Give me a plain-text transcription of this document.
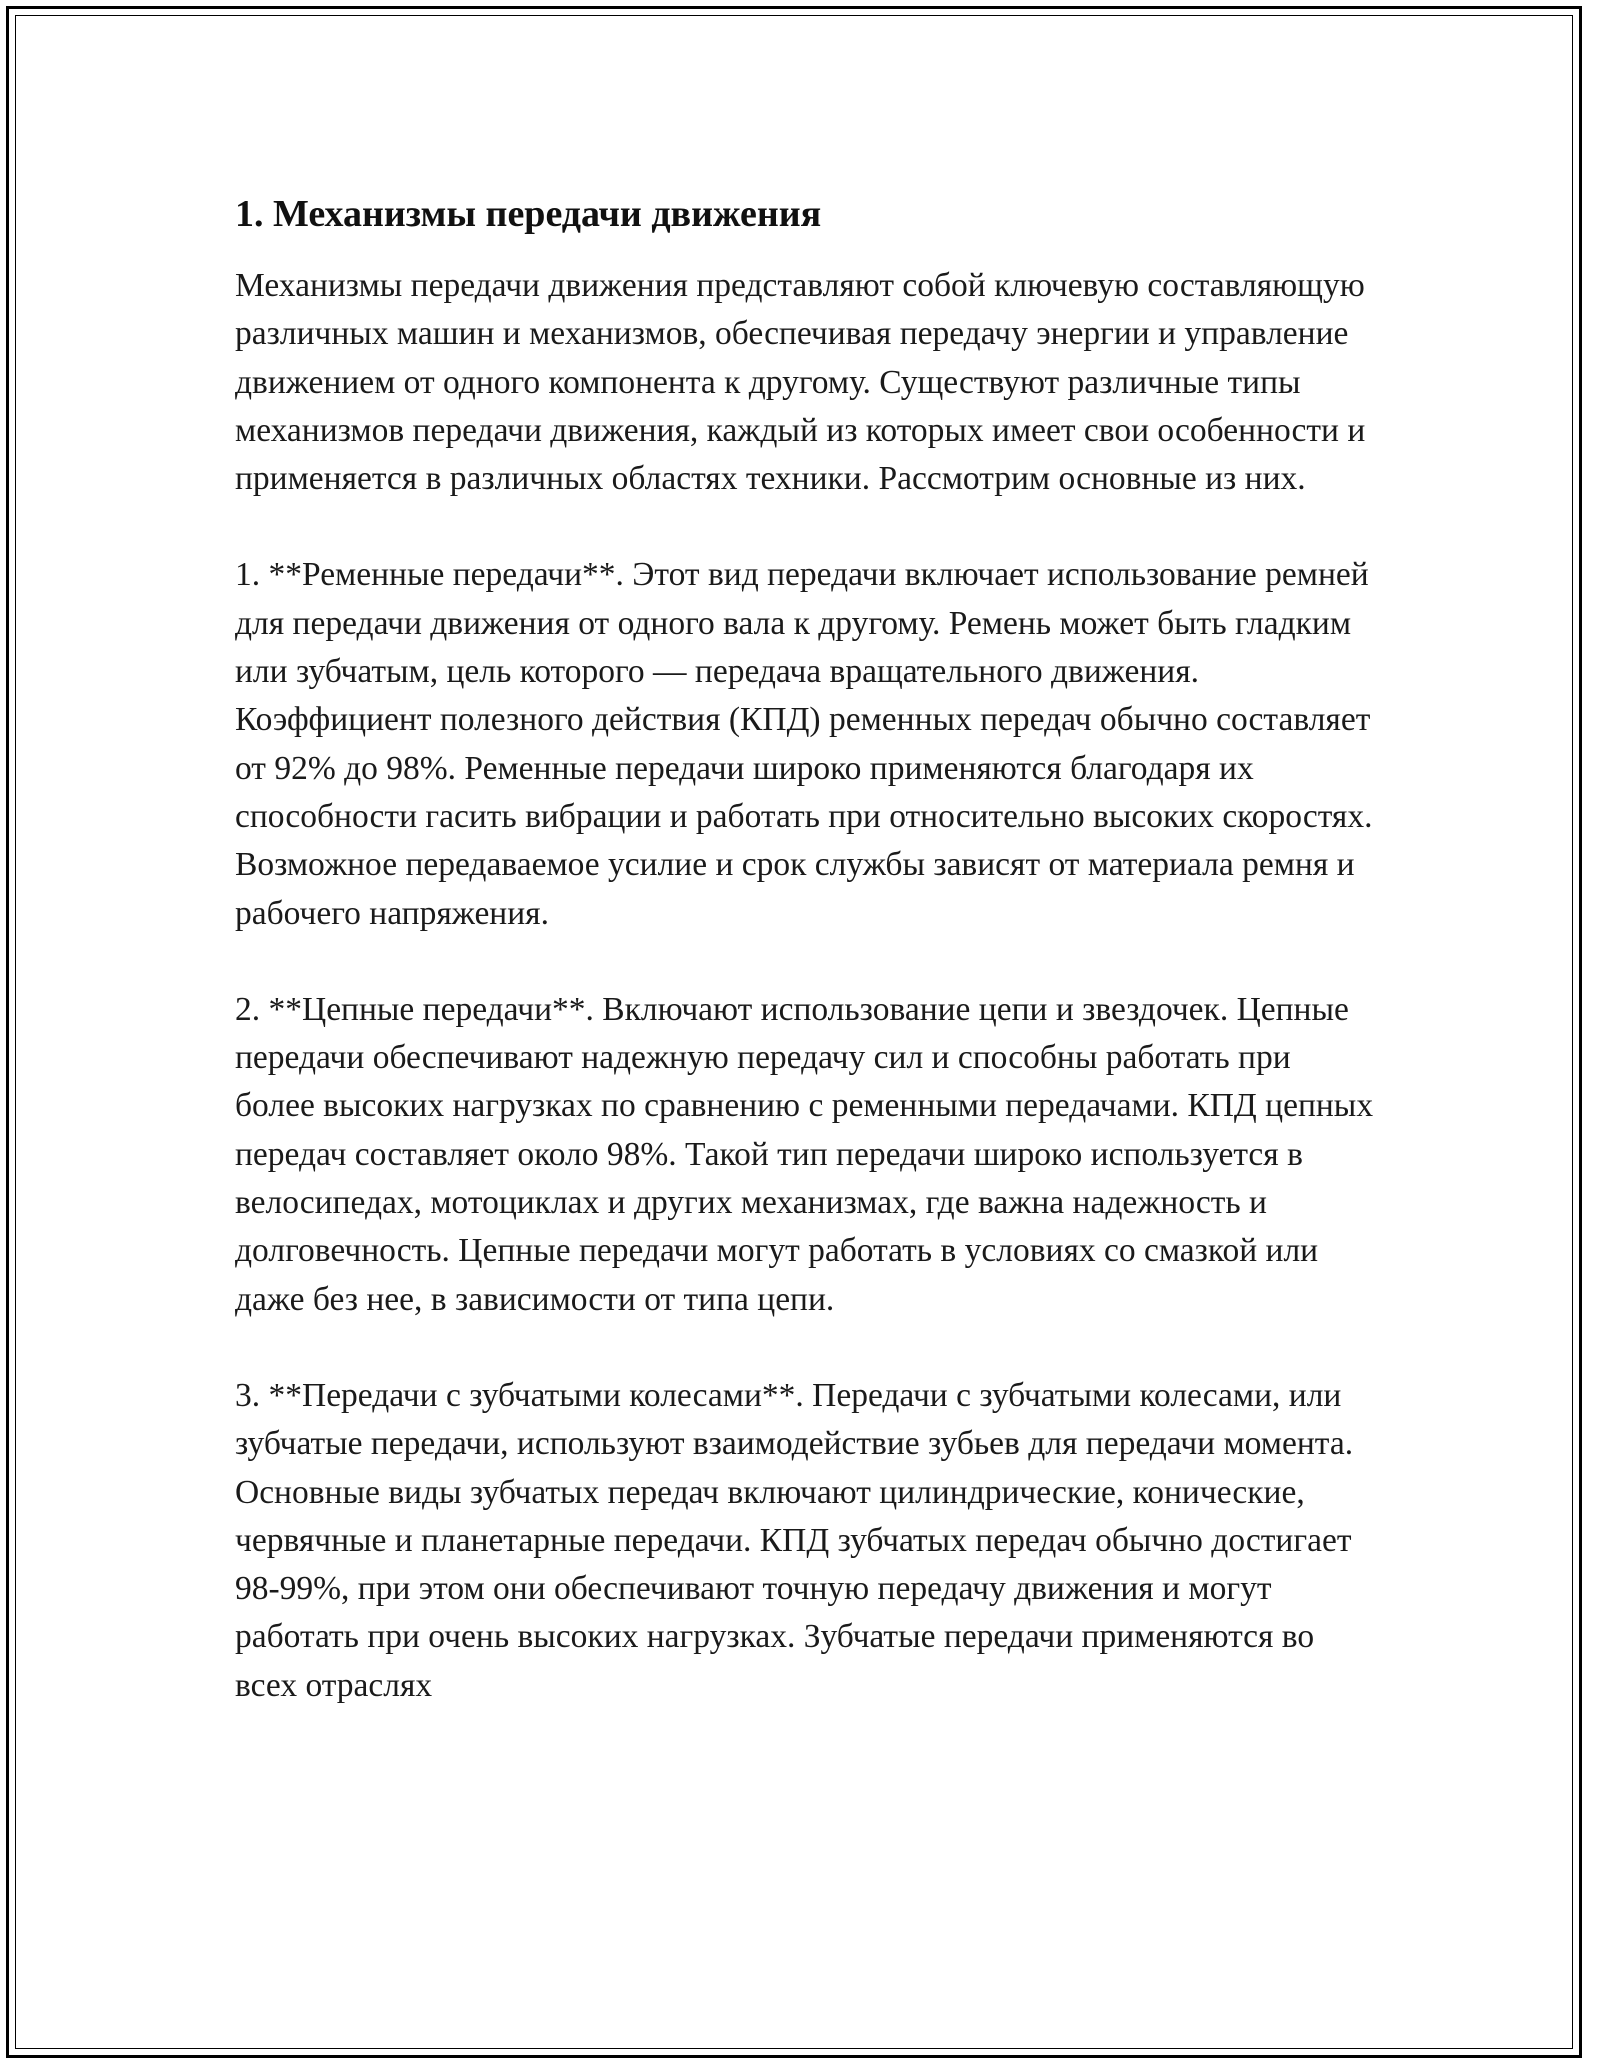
1. Механизмы передачи движения

Механизмы передачи движения представляют собой ключевую составляющую различных машин и механизмов, обеспечивая передачу энергии и управление движением от одного компонента к другому. Существуют различные типы механизмов передачи движения, каждый из которых имеет свои особенности и применяется в различных областях техники. Рассмотрим основные из них.

1. **Ременные передачи**. Этот вид передачи включает использование ремней для передачи движения от одного вала к другому. Ремень может быть гладким или зубчатым, цель которого — передача вращательного движения. Коэффициент полезного действия (КПД) ременных передач обычно составляет от 92% до 98%. Ременные передачи широко применяются благодаря их способности гасить вибрации и работать при относительно высоких скоростях. Возможное передаваемое усилие и срок службы зависят от материала ремня и рабочего напряжения.

2. **Цепные передачи**. Включают использование цепи и звездочек. Цепные передачи обеспечивают надежную передачу сил и способны работать при более высоких нагрузках по сравнению с ременными передачами. КПД цепных передач составляет около 98%. Такой тип передачи широко используется в велосипедах, мотоциклах и других механизмах, где важна надежность и долговечность. Цепные передачи могут работать в условиях со смазкой или даже без нее, в зависимости от типа цепи.

3. **Передачи с зубчатыми колесами**. Передачи с зубчатыми колесами, или зубчатые передачи, используют взаимодействие зубьев для передачи момента. Основные виды зубчатых передач включают цилиндрические, конические, червячные и планетарные передачи. КПД зубчатых передач обычно достигает 98-99%, при этом они обеспечивают точную передачу движения и могут работать при очень высоких нагрузках. Зубчатые передачи применяются во всех отраслях
